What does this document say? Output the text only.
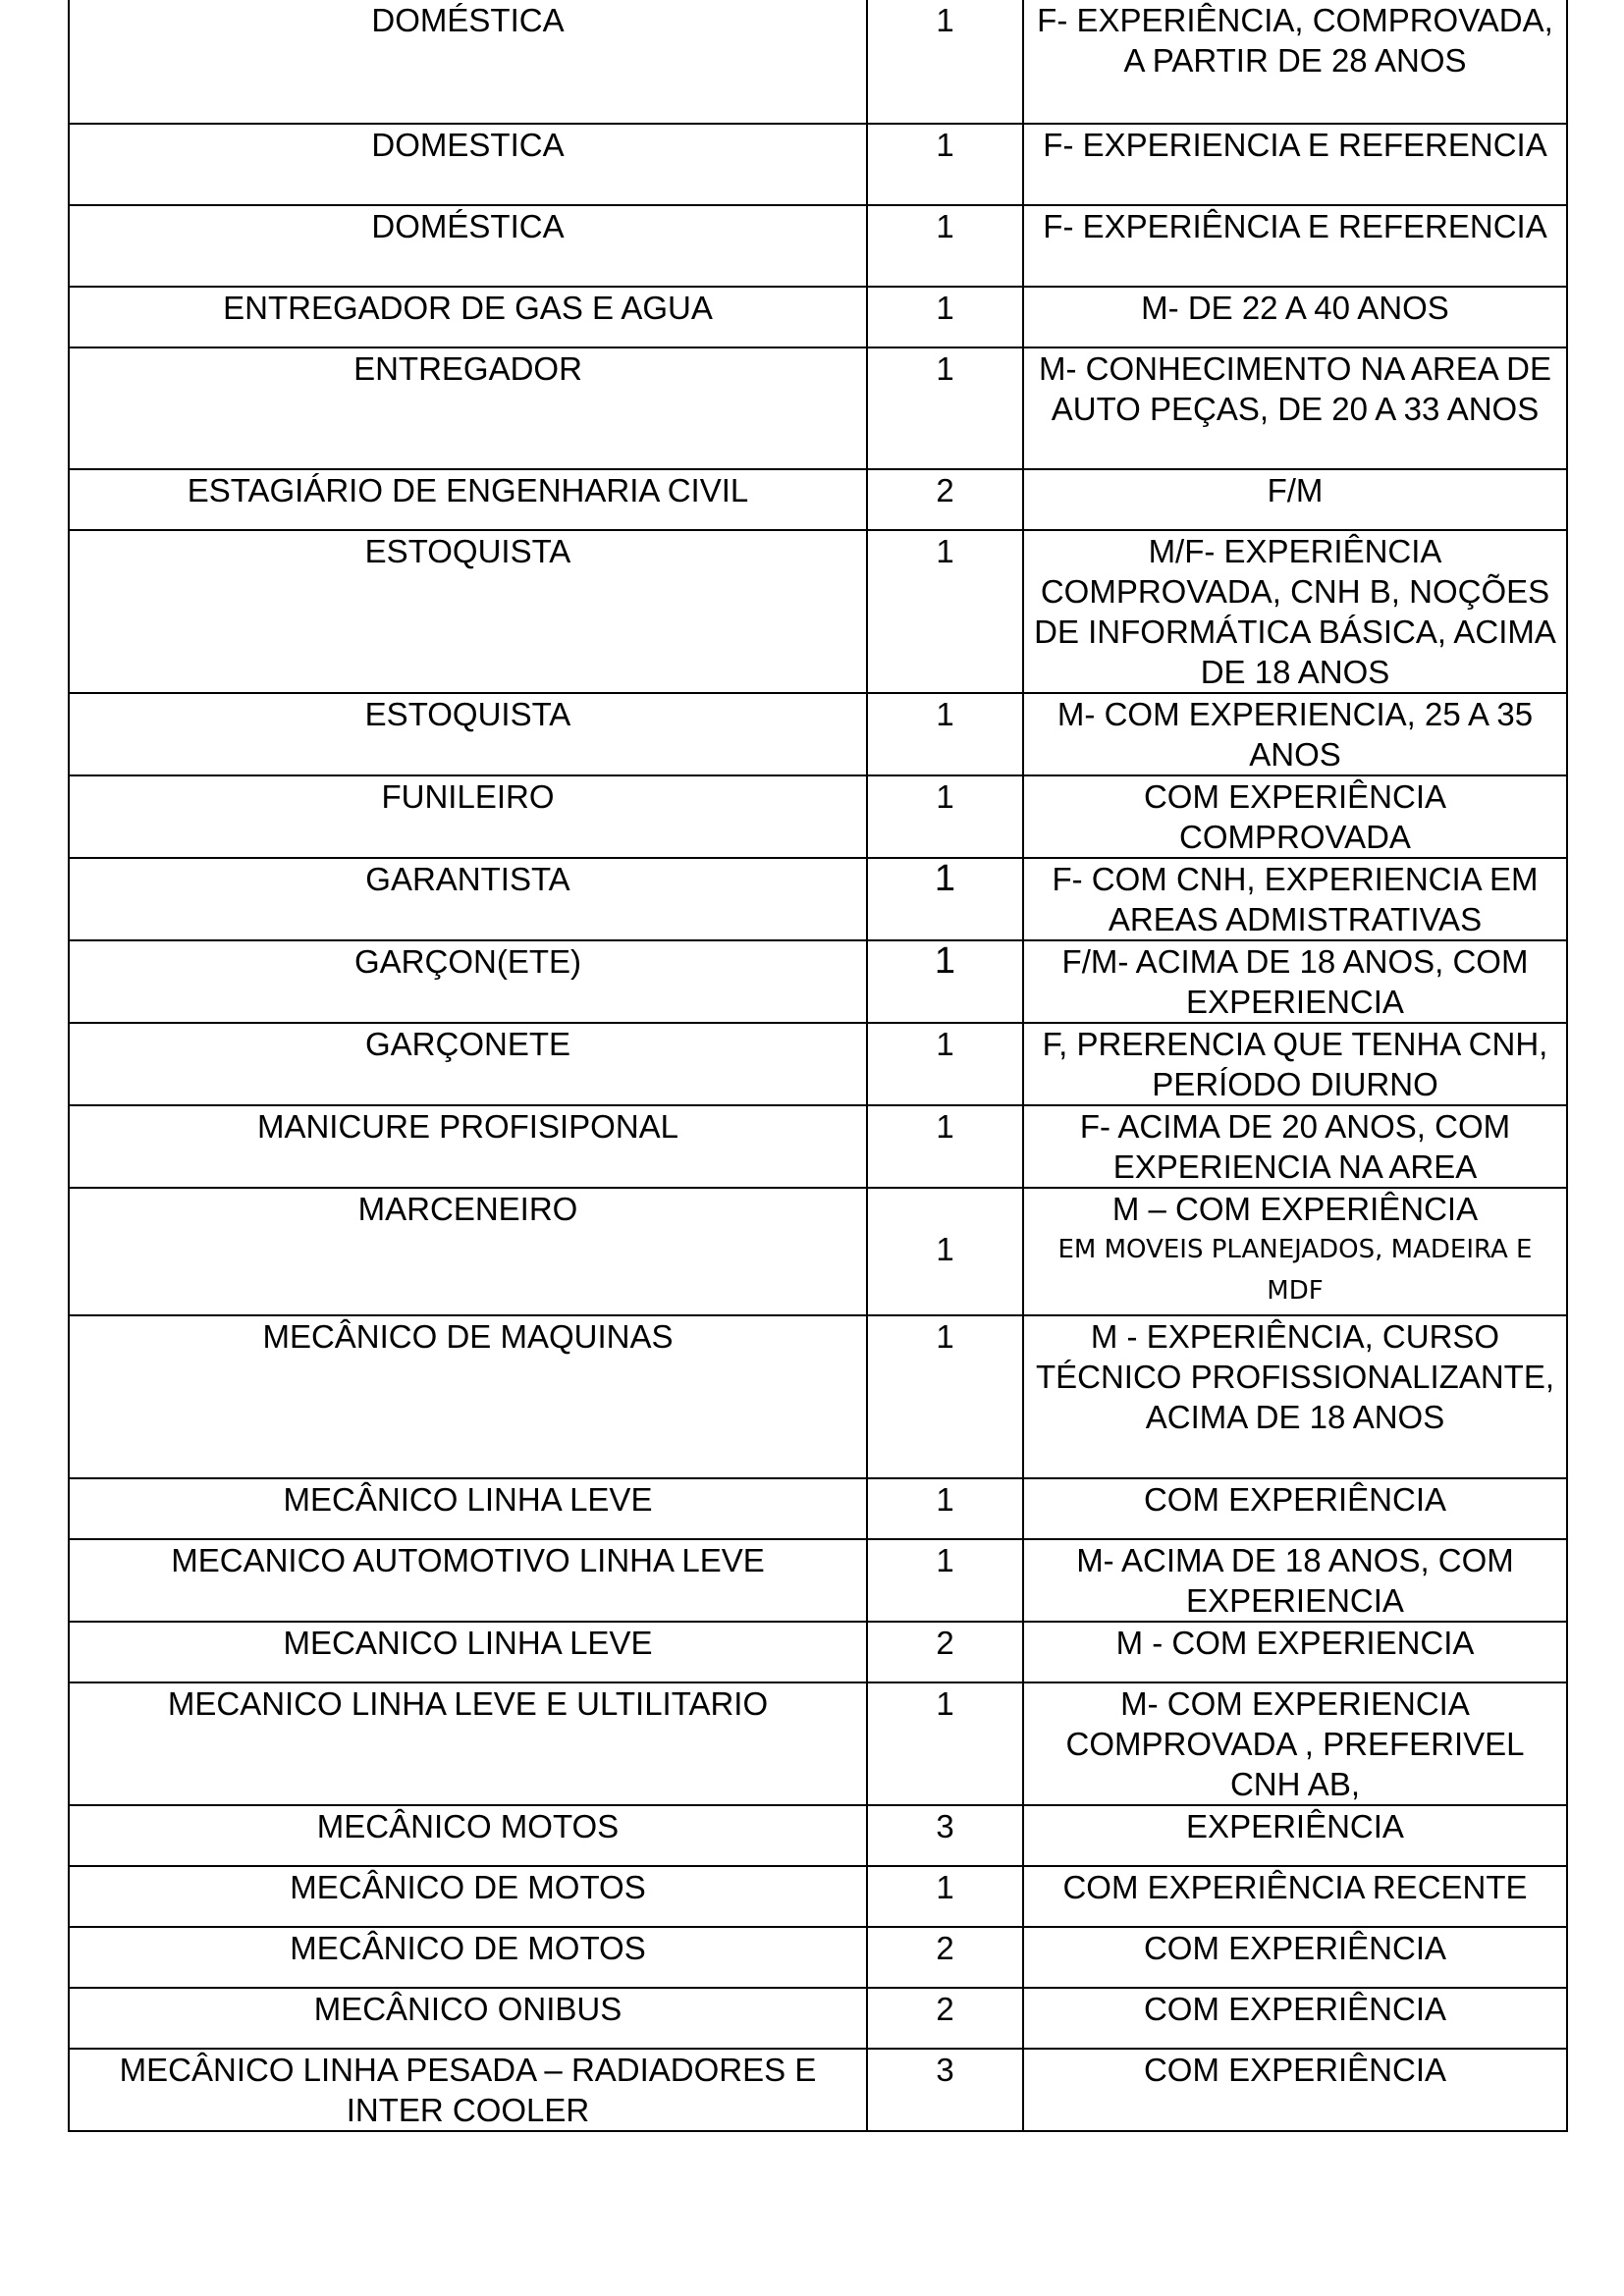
DOMÉSTICA	1	F- EXPERIÊNCIA, COMPROVADA, A PARTIR DE 28 ANOS
DOMESTICA	1	F- EXPERIENCIA E REFERENCIA
DOMÉSTICA	1	F- EXPERIÊNCIA E REFERENCIA
ENTREGADOR DE GAS E AGUA	1	M- DE 22 A 40 ANOS
ENTREGADOR	1	M- CONHECIMENTO NA AREA DE AUTO PEÇAS, DE 20 A 33 ANOS
ESTAGIÁRIO DE ENGENHARIA CIVIL	2	F/M
ESTOQUISTA	1	M/F- EXPERIÊNCIA COMPROVADA, CNH B, NOÇÕES DE INFORMÁTICA BÁSICA, ACIMA DE 18 ANOS
ESTOQUISTA	1	M- COM EXPERIENCIA, 25 A 35 ANOS
FUNILEIRO	1	COM EXPERIÊNCIA COMPROVADA
GARANTISTA	1	F- COM CNH, EXPERIENCIA EM AREAS ADMISTRATIVAS
GARÇON(ETE)	1	F/M- ACIMA DE 18 ANOS, COM EXPERIENCIA
GARÇONETE	1	F, PRERENCIA QUE TENHA CNH, PERÍODO DIURNO
MANICURE PROFISIPONAL	1	F- ACIMA DE 20 ANOS, COM EXPERIENCIA NA AREA
MARCENEIRO	1	M – COM EXPERIÊNCIA
EM MOVEIS PLANEJADOS, MADEIRA E MDF

MECÂNICO DE MAQUINAS	1	M - EXPERIÊNCIA, CURSO TÉCNICO PROFISSIONALIZANTE, ACIMA DE 18 ANOS
MECÂNICO LINHA LEVE	1	COM EXPERIÊNCIA
MECANICO AUTOMOTIVO LINHA LEVE	1	M- ACIMA DE 18 ANOS, COM EXPERIENCIA
MECANICO LINHA LEVE	2	M - COM EXPERIENCIA
MECANICO LINHA LEVE E ULTILITARIO	1	M- COM EXPERIENCIA COMPROVADA , PREFERIVEL CNH AB,
MECÂNICO MOTOS	3	EXPERIÊNCIA
MECÂNICO DE MOTOS	1	COM EXPERIÊNCIA RECENTE
MECÂNICO DE MOTOS	2	COM EXPERIÊNCIA
MECÂNICO ONIBUS	2	COM EXPERIÊNCIA
MECÂNICO LINHA PESADA – RADIADORES E INTER COOLER	3	COM EXPERIÊNCIA
